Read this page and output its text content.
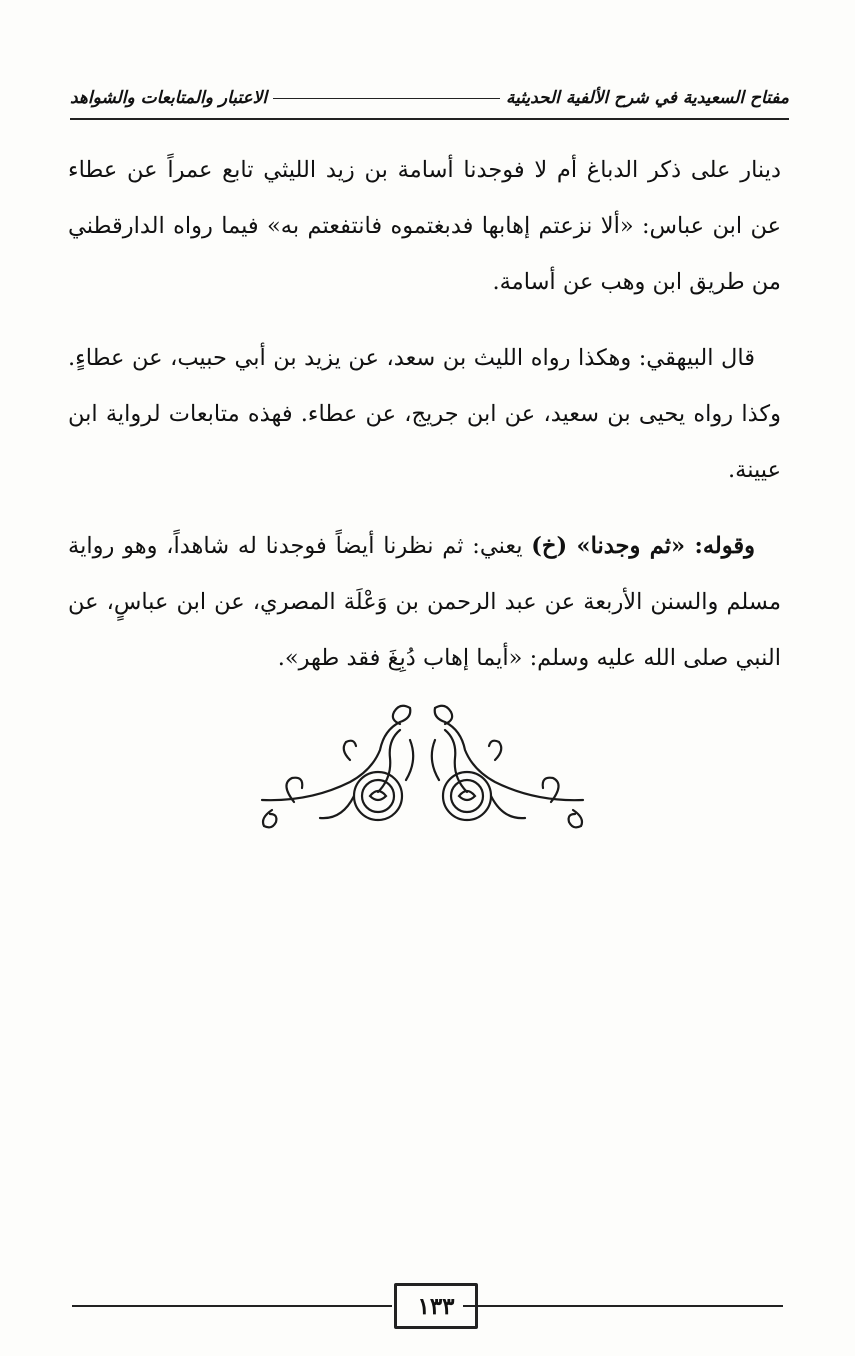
مفتاح السعيدية في شرح الألفية الحديثية
الاعتبار والمتابعات والشواهد

دينار على ذكر الدباغ أم لا فوجدنا أسامة بن زيد الليثي تابع عمراً عن عطاء عن ابن عباس: «ألا نزعتم إهابها فدبغتموه فانتفعتم به» فيما رواه الدارقطني من طريق ابن وهب عن أسامة.

قال البيهقي: وهكذا رواه الليث بن سعد، عن يزيد بن أبي حبيب، عن عطاءٍ. وكذا رواه يحيى بن سعيد، عن ابن جريج، عن عطاء. فهذه متابعات لرواية ابن عيينة.

وقوله: «ثم وجدنا» (خ) يعني: ثم نظرنا أيضاً فوجدنا له شاهداً، وهو رواية مسلم والسنن الأربعة عن عبد الرحمن بن وَعْلَة المصري، عن ابن عباسٍ، عن النبي صلى الله عليه وسلم: «أيما إهاب دُبِغَ فقد طهر».

١٣٣
